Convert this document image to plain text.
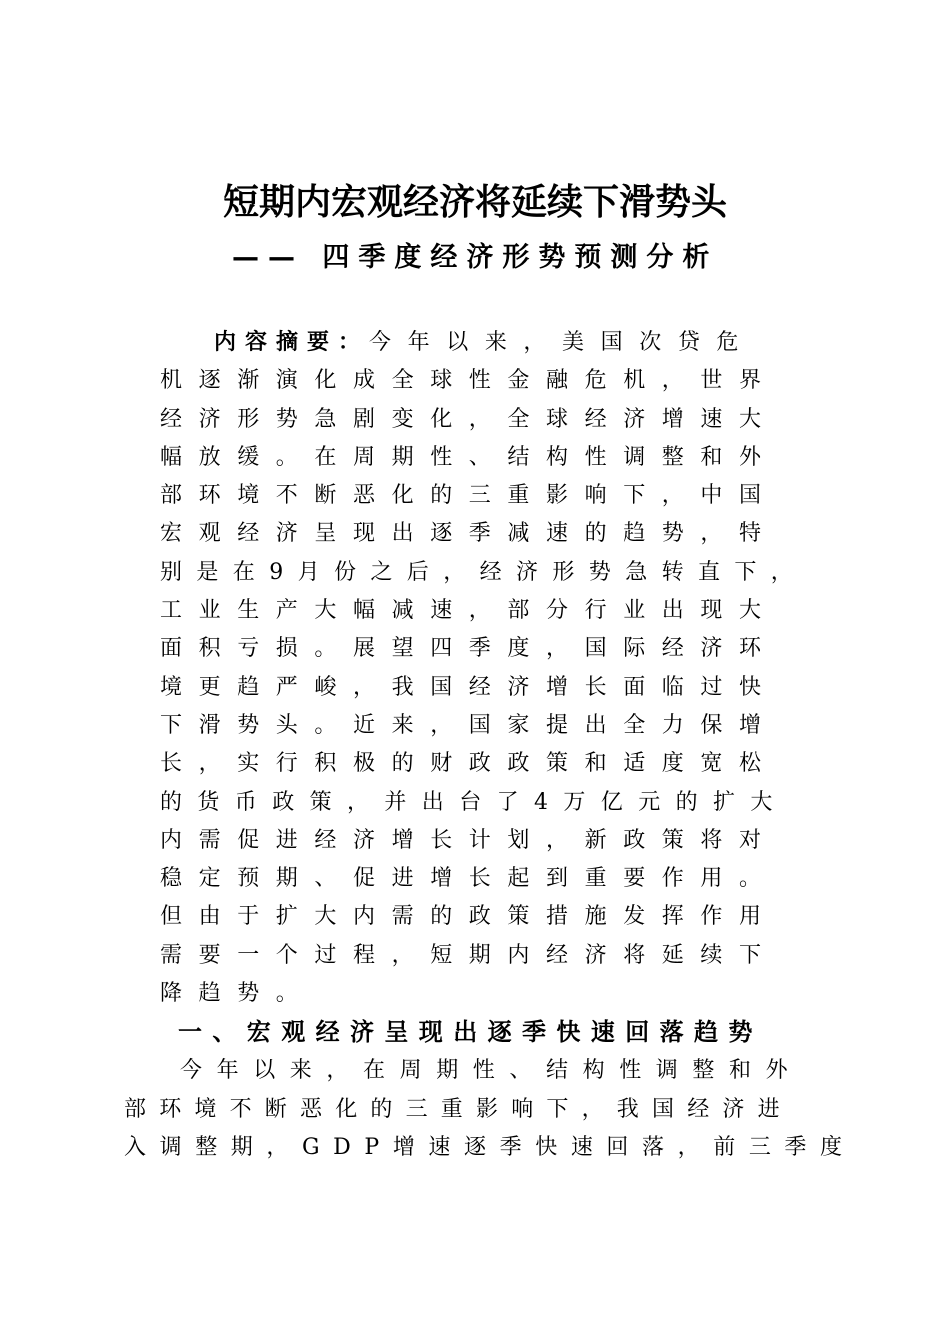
短期内宏观经济将延续下滑势头
—— 四季度经济形势预测分析
内容摘要：今年以来，美国次贷危
机逐渐演化成全球性金融危机，世界
经济形势急剧变化，全球经济增速大
幅放缓。在周期性、结构性调整和外
部环境不断恶化的三重影响下，中国
宏观经济呈现出逐季减速的趋势，特
别是在9月份之后，经济形势急转直下，
工业生产大幅减速，部分行业出现大
面积亏损。展望四季度，国际经济环
境更趋严峻，我国经济增长面临过快
下滑势头。近来，国家提出全力保增
长，实行积极的财政政策和适度宽松
的货币政策，并出台了4万亿元的扩大
内需促进经济增长计划，新政策将对
稳定预期、促进增长起到重要作用。
但由于扩大内需的政策措施发挥作用
需要一个过程，短期内经济将延续下
降趋势。
一、宏观经济呈现出逐季快速回落趋势
今年以来，在周期性、结构性调整和外
部环境不断恶化的三重影响下，我国经济进
入调整期，GDP增速逐季快速回落，前三季度
